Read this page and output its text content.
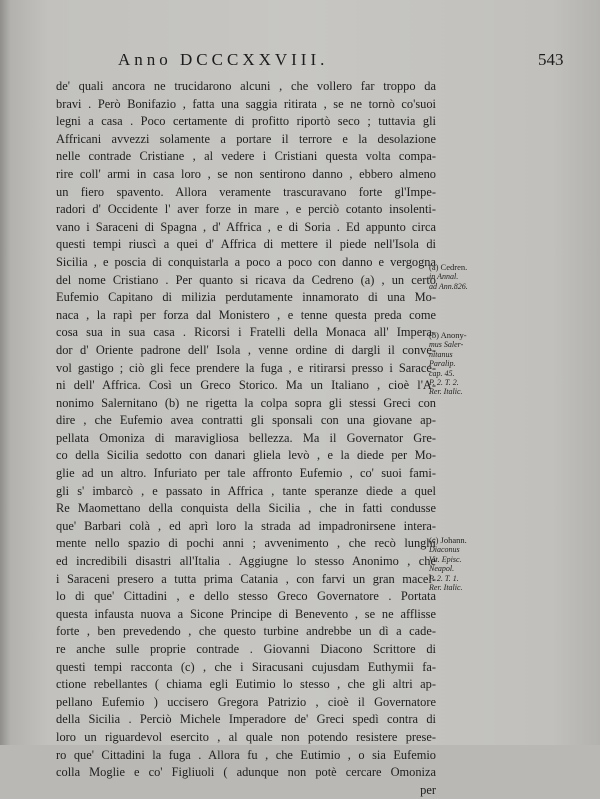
Anno DCCCXXVIII.	543
de' quali ancora ne trucidarono alcuni , che vollero far troppo da
bravi . Però Bonifazio , fatta una saggia ritirata , se ne tornò co'suoi
legni a casa . Poco certamente di profitto riportò seco ; tuttavia gli
Affricani avvezzi solamente a portare il terrore e la desolazione
nelle contrade Cristiane , al vedere i Cristiani questa volta compa-
rire coll' armi in casa loro , se non sentirono danno , ebbero almeno
un fiero spavento. Allora veramente trascuravano forte gl'Impe-
radori d' Occidente l' aver forze in mare , e perciò cotanto insolenti-
vano i Saraceni di Spagna , d' Affrica , e di Soria . Ed appunto circa
questi tempi riuscì a quei d' Affrica di mettere il piede nell'Isola di
Sicilia , e poscia di conquistarla a poco a poco con danno e vergogna
del nome Cristiano . Per quanto si ricava da Cedreno (a) , un certo
Eufemio Capitano di milizia perdutamente innamorato di una Mo-
naca , la rapì per forza dal Monistero , e tenne questa preda come
cosa sua in sua casa . Ricorsi i Fratelli della Monaca all' Impera-
dor d' Oriente padrone dell' Isola , venne ordine di dargli il conve-
vol gastigo ; ciò gli fece prendere la fuga , e ritirarsi presso i Sarace-
ni dell' Affrica. Così un Greco Storico. Ma un Italiano , cioè l'A-
nonimo Salernitano (b) ne rigetta la colpa sopra gli stessi Greci con
dire , che Eufemio avea contratti gli sponsali con una giovane ap-
pellata Omoniza di maravigliosa bellezza. Ma il Governator Gre-
co della Sicilia sedotto con danari gliela levò , e la diede per Mo-
glie ad un altro. Infuriato per tale affronto Eufemio , co' suoi fami-
gli s' imbarcò , e passato in Affrica , tante speranze diede a quel
Re Maomettano della conquista della Sicilia , che in fatti condusse
que' Barbari colà , ed aprì loro la strada ad impadronirsene intera-
mente nello spazio di pochi anni ; avvenimento , che recò lunghi
ed incredibili disastri all'Italia . Aggiugne lo stesso Anonimo , che
i Saraceni presero a tutta prima Catania , con farvi un gran macel-
lo di que' Cittadini , e dello stesso Greco Governatore . Portata
questa infausta nuova a Sicone Principe di Benevento , se ne afflisse
forte , ben prevedendo , che questo turbine andrebbe un dì a cade-
re anche sulle proprie contrade . Giovanni Diacono Scrittore di
questi tempi racconta (c) , che i Siracusani cujusdam Euthymii fa-
ctione rebellantes ( chiama egli Eutimio lo stesso , che gli altri ap-
pellano Eufemio ) uccisero Gregora Patrizio , cioè il Governatore
della Sicilia . Perciò Michele Imperadore de' Greci spedì contra di
loro un riguardevol esercito , al quale non potendo resistere prese-
ro que' Cittadini la fuga . Allora fu , che Eutimio , o sia Eufemio
colla Moglie e co' Figliuoli ( adunque non potè cercare Omoniza
per
(a) Cedren.
in Annal.
ad Ann.826.
(b) Anony-
mus Saler-
nitanus
Paralip.
cap. 45.
P. 2. T. 2.
Rer. Italic.
(c) Johann.
Diaconus
Vit. Episc.
Neapol.
P. 2. T. 1.
Rer. Italic.
